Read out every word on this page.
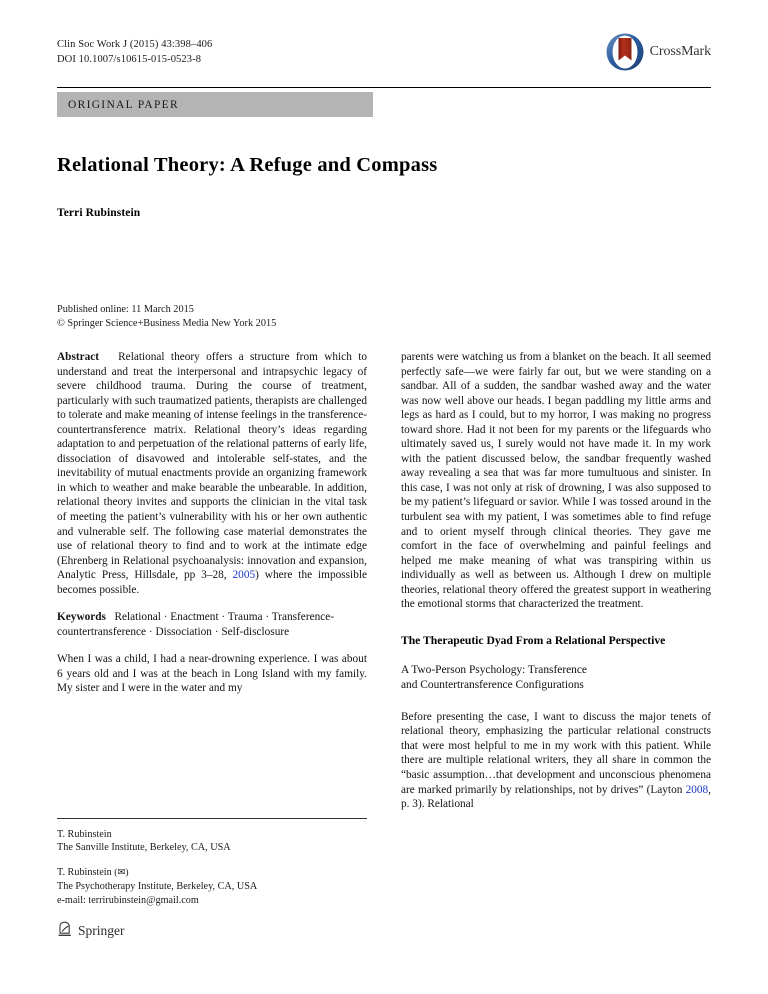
Clin Soc Work J (2015) 43:398–406
DOI 10.1007/s10615-015-0523-8	CrossMark
ORIGINAL PAPER
Relational Theory: A Refuge and Compass
Terri Rubinstein
Published online: 11 March 2015
© Springer Science+Business Media New York 2015
Abstract Relational theory offers a structure from which to understand and treat the interpersonal and intrapsychic legacy of severe childhood trauma. During the course of treatment, particularly with such traumatized patients, therapists are challenged to tolerate and make meaning of intense feelings in the transference-countertransference matrix. Relational theory’s ideas regarding adaptation to and perpetuation of the relational patterns of early life, dissociation of disavowed and intolerable self-states, and the inevitability of mutual enactments provide an organizing framework in which to weather and make bearable the unbearable. In addition, relational theory invites and supports the clinician in the vital task of meeting the patient’s vulnerability with his or her own authentic and vulnerable self. The following case material demonstrates the use of relational theory to find and to work at the intimate edge (Ehrenberg in Relational psychoanalysis: innovation and expansion, Analytic Press, Hillsdale, pp 3–28, 2005) where the impossible becomes possible.
Keywords Relational · Enactment · Trauma · Transference-countertransference · Dissociation · Self-disclosure
When I was a child, I had a near-drowning experience. I was about 6 years old and I was at the beach in Long Island with my family. My sister and I were in the water and my
parents were watching us from a blanket on the beach. It all seemed perfectly safe—we were fairly far out, but we were standing on a sandbar. All of a sudden, the sandbar washed away and the water was now well above our heads. I began paddling my little arms and legs as hard as I could, but to my horror, I was making no progress toward shore. Had it not been for my parents or the lifeguards who ultimately saved us, I surely would not have made it. In my work with the patient discussed below, the sandbar frequently washed away revealing a sea that was far more tumultuous and sinister. In this case, I was not only at risk of drowning, I was also supposed to be my patient’s lifeguard or savior. While I was tossed around in the turbulent sea with my patient, I was sometimes able to find refuge and to orient myself through clinical theories. They gave me comfort in the face of overwhelming and painful feelings and helped me make meaning of what was transpiring within us individually as well as between us. Although I drew on multiple theories, relational theory offered the greatest support in weathering the emotional storms that characterized the treatment.
The Therapeutic Dyad From a Relational Perspective
A Two-Person Psychology: Transference
and Countertransference Configurations
Before presenting the case, I want to discuss the major tenets of relational theory, emphasizing the particular relational constructs that were most helpful to me in my work with this patient. While there are multiple relational writers, they all share in common the “basic assumption…that development and unconscious phenomena are marked primarily by relationships, not by drives” (Layton 2008, p. 3). Relational
T. Rubinstein
The Sanville Institute, Berkeley, CA, USA
T. Rubinstein (✉)
The Psychotherapy Institute, Berkeley, CA, USA
e-mail: terrirubinstein@gmail.com
Springer
